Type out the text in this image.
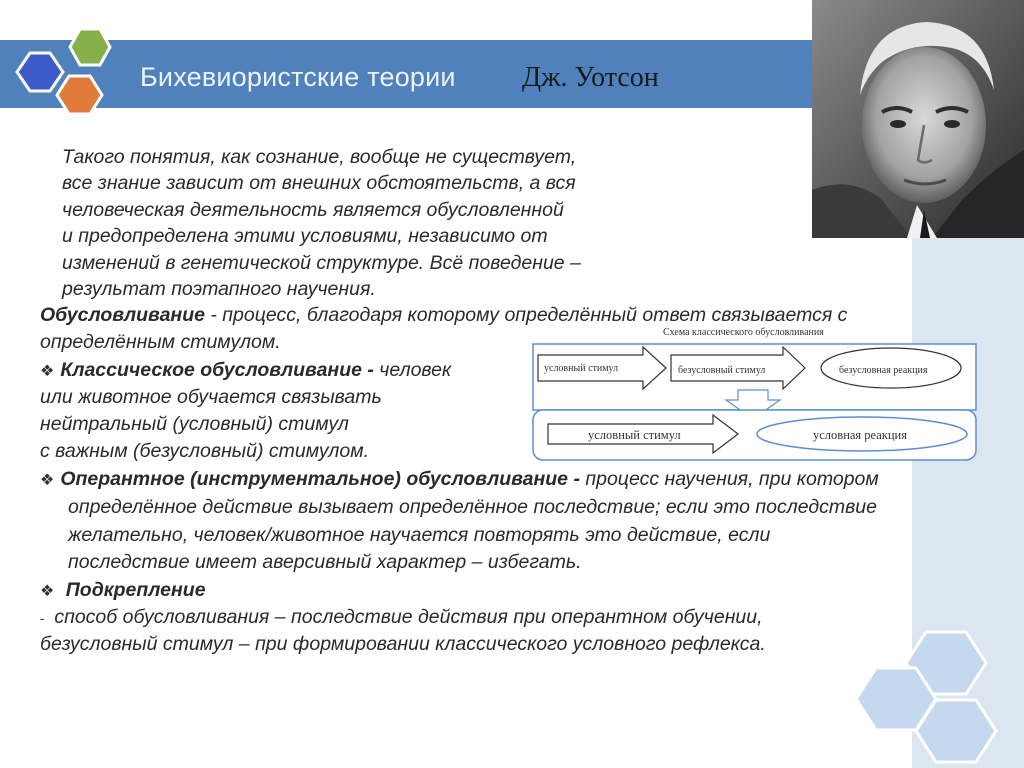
Бихевиористские теории Дж. Уотсон
Такого понятия, как сознание, вообще не существует,
все знание зависит от внешних обстоятельств, а вся
человеческая деятельность является обусловленной
и предопределена этими условиями, независимо от
изменений в генетической структуре. Всё поведение –
результат поэтапного научения.
Обусловливание - процесс, благодаря которому определённый ответ связывается с
определённым стимулом.
❖ Классическое обусловливание - человек
или животное обучается связывать
нейтральный (условный) стимул
с важным (безусловный) стимулом.
Схема классического обусловливания
условный стимул	безусловный стимул	безусловная реакция
условный стимул	условная реакция
❖ Оперантное (инструментальное) обусловливание - процесс научения, при котором
определённое действие вызывает определённое последствие; если это последствие
желательно, человек/животное научается повторять это действие, если
последствие имеет аверсивный характер – избегать.
❖ Подкрепление
- способ обусловливания – последствие действия при оперантном обучении,
безусловный стимул – при формировании классического условного рефлекса.
